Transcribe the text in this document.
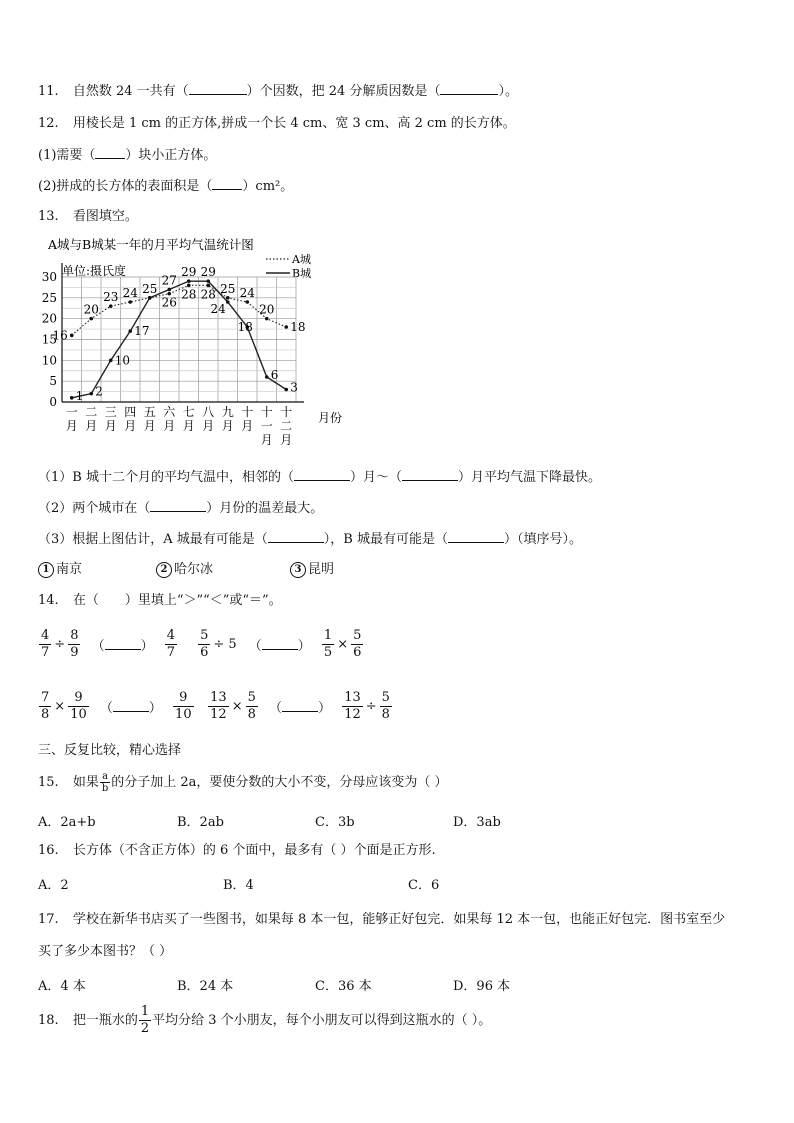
11. 自然数 24 一共有（	）个因数，把 24 分解质因数是（	）。
12. 用棱长是 1 cm 的正方体,拼成一个长 4 cm、宽 3 cm、高 2 cm 的长方体。
(1)需要（ ）块小正方体。
(2)拼成的长方体的表面积是（ ）cm²。
13. 看图填空。
A城与B城某一年的月平均气温统计图
单位:摄氏度
A城
B城
0
5
10
15
20
25
30
一
月
二
月
三
月
四
月
五
月
六
月
七
月
八
月
九
月
十
月
十
一
月
十
二
月
16
20
23 24 25
26
28 28 25 24
20
18
1 2
10
17
27
29 29
24
18
6
3
月份
（1）B 城十二个月的平均气温中，相邻的（	）月～（	）月平均气温下降最快。
（2）两个城市在（	）月份的温差最大。
（3）根据上图估计，A 城最有可能是（	），B 城最有可能是（	）（填序号）。
1 南京	2 哈尔冰	3 昆明
14. 在（　　）里填上“＞”“＜”或“＝”。
$\frac{4}{7} \div \frac{8}{9}$ （	） $\frac{4}{7}$
$\frac{5}{6} \div 5$ （	） $\frac{1}{5} \times \frac{5}{6}$
$\frac{7}{8} \times \frac{9}{10}$ （	） $\frac{9}{10}$
$\frac{13}{12} \times \frac{5}{8}$ （	） $\frac{13}{12} \div \frac{5}{8}$
三、反复比较，精心选择
15. 如果 $\frac{a}{b}$ 的分子加上 2a，要使分数的大小不变，分母应该变为（ ）
A．2a+b	B．2ab	C．3b	D．3ab
16. 长方体（不含正方体）的 6 个面中，最多有（ ）个面是正方形.
A．2	B．4	C．6
17. 学校在新华书店买了一些图书，如果每 8 本一包，能够正好包完．如果每 12 本一包，也能正好包完．图书室至少
买了多少本图书？（ ）
A．4 本	B．24 本	C．36 本	D．96 本
18. 把一瓶水的 $\frac{1}{2}$ 平均分给 3 个小朋友，每个小朋友可以得到这瓶水的（ ）。
